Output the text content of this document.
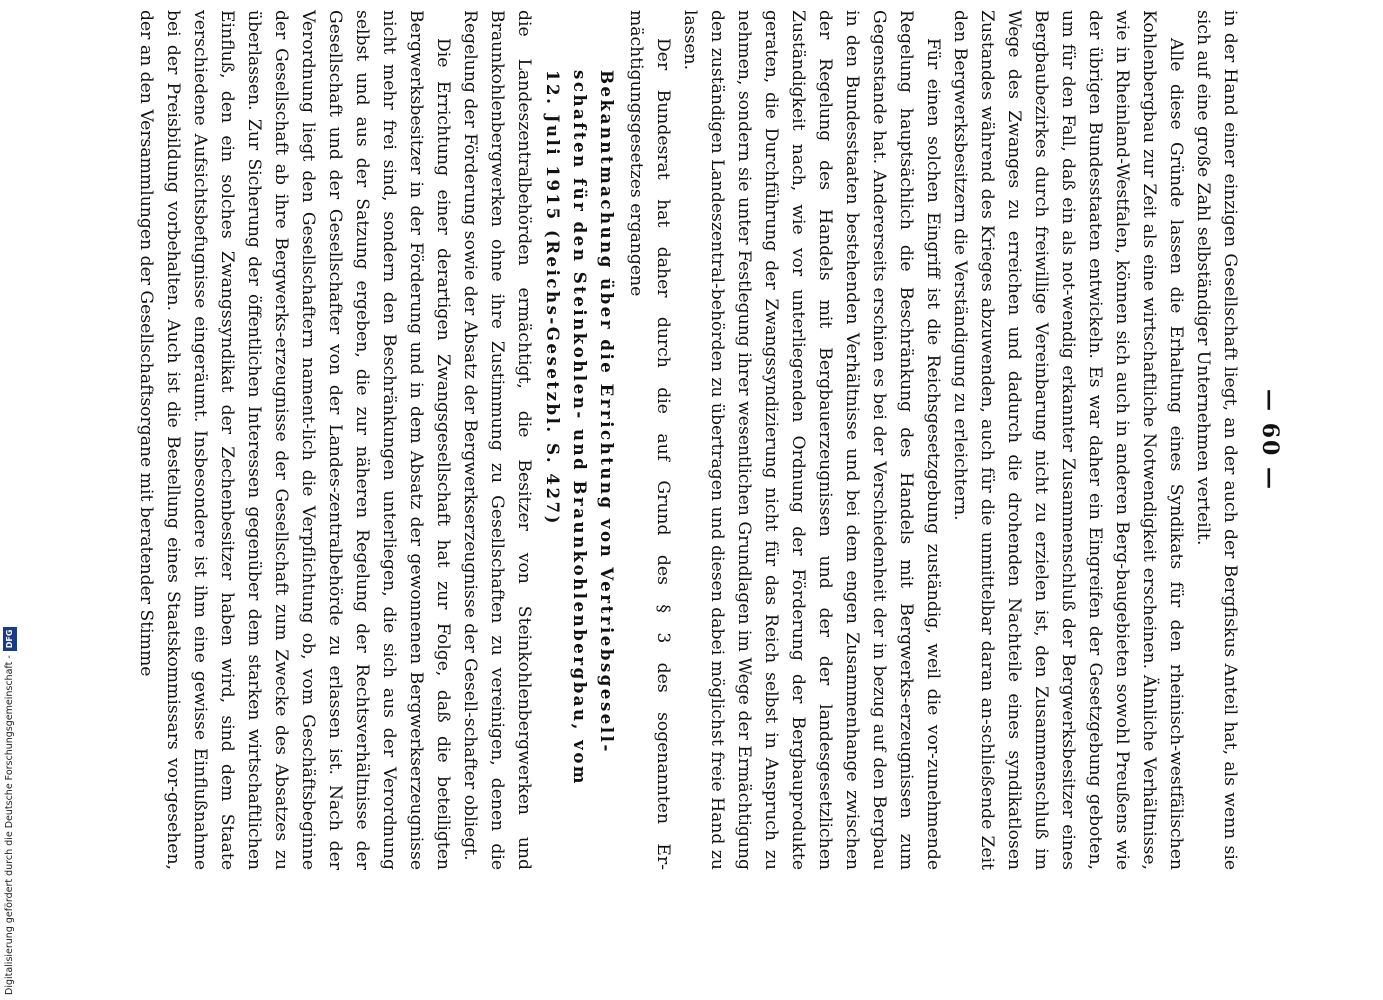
— 60 —

in der Hand einer einzigen Gesellschaft liegt, an der auch der Bergfiskus Anteil hat, als wenn sie sich auf eine große Zahl selbständiger Unternehmen verteilt.

Alle diese Gründe lassen die Erhaltung eines Syndikats für den rheinisch-westfälischen Kohlenbergbau zur Zeit als eine wirtschaftliche Notwendigkeit erscheinen. Ähnliche Verhältnisse, wie in Rheinland-Westfalen, können sich auch in anderen Berg-baugebieten sowohl Preußens wie der übrigen Bundesstaaten entwickeln. Es war daher ein Eingreifen der Gesetzgebung geboten, um für den Fall, daß ein als not-wendig erkannter Zusammenschluß der Bergwerksbesitzer eines Bergbaubezirkes durch freiwillige Vereinbarung nicht zu erzielen ist, den Zusammenschluß im Wege des Zwanges zu erreichen und dadurch die drohenden Nachteile eines syndikatlosen Zustandes während des Krieges abzuwenden, auch für die unmittelbar daran an-schließende Zeit den Bergwerksbesitzern die Verständigung zu erleichtern.

Für einen solchen Eingriff ist die Reichsgesetzgebung zuständig, weil die vor-zunehmende Regelung hauptsächlich die Beschränkung des Handels mit Bergwerks-erzeugnissen zum Gegenstande hat. Andererseits erschien es bei der Verschiedenheit der in bezug auf den Bergbau in den Bundesstaaten bestehenden Verhältnisse und bei dem engen Zusammenhange zwischen der Regelung des Handels mit Bergbauerzeugnissen und der der landesgesetzlichen Zuständigkeit nach, wie vor unterliegenden Ordnung der Förderung der Bergbauprodukte geraten, die Durchführung der Zwangssyndizierung nicht für das Reich selbst in Anspruch zu nehmen, sondern sie unter Festlegung ihrer wesentlichen Grundlagen im Wege der Ermächtigung den zuständigen Landeszentral-behörden zu übertragen und diesen dabei möglichst freie Hand zu lassen.

Der Bundesrat hat daher durch die auf Grund des § 3 des sogenannten Er-mächtigungsgesetzes ergangene

Bekanntmachung über die Errichtung von Vertriebsgesell-
schaften für den Steinkohlen- und Braunkohlenbergbau, vom
12. Juli 1915 (Reichs-Gesetzbl. S. 427)

die Landeszentralbehörden ermächtigt, die Besitzer von Steinkohlenbergwerken und Braunkohlenbergwerken ohne ihre Zustimmung zu Gesellschaften zu vereinigen, denen die Regelung der Förderung sowie der Absatz der Bergwerkserzeugnisse der Gesell-schafter obliegt.

Die Errichtung einer derartigen Zwangsgesellschaft hat zur Folge, daß die beteiligten Bergwerksbesitzer in der Förderung und in dem Absatz der gewonnenen Bergwerkserzeugnisse nicht mehr frei sind, sondern den Beschränkungen unterliegen, die sich aus der Verordnung selbst und aus der Satzung ergeben, die zur näheren Regelung der Rechtsverhältnisse der Gesellschaft und der Gesellschafter von der Landes-zentralbehörde zu erlassen ist. Nach der Verordnung liegt den Gesellschaftern nament-lich die Verpflichtung ob, vom Geschäftsbeginne der Gesellschaft ab ihre Bergwerks-erzeugnisse der Gesellschaft zum Zwecke des Absatzes zu überlassen. Zur Sicherung der öffentlichen Interessen gegenüber dem starken wirtschaftlichen Einfluß, den ein solches Zwangssyndikat der Zechenbesitzer haben wird, sind dem Staate verschiedene Aufsichtsbefugnisse eingeräumt. Insbesondere ist ihm eine gewisse Einflußnahme bei der Preisbildung vorbehalten. Auch ist die Bestellung eines Staatskommissars vor-gesehen, der an den Versammlungen der Gesellschaftsorgane mit beratender Stimme

Digitalisierung gefördert durch die Deutsche Forschungsgemeinschaft -DFG
